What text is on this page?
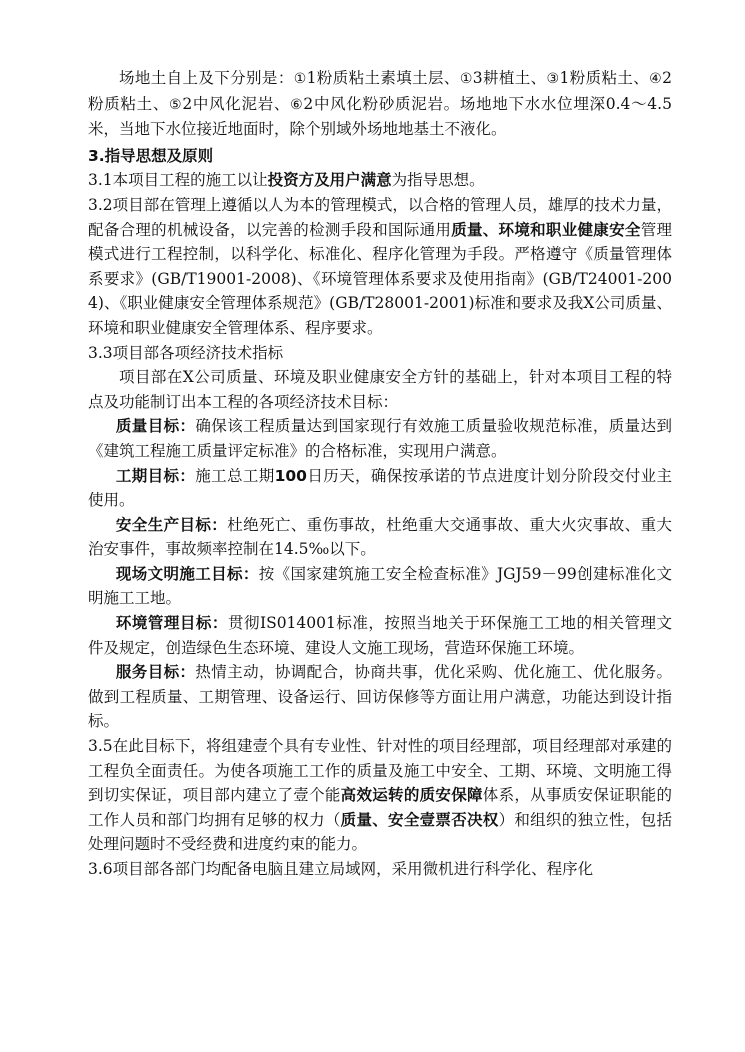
场地土自上及下分别是：①1粉质粘土素填土层、①3耕植土、③1粉质粘土、④2粉质粘土、⑤2中风化泥岩、⑥2中风化粉砂质泥岩。场地地下水水位埋深0.4～4.5米，当地下水位接近地面时，除个别域外场地地基土不液化。

3.指导思想及原则

3.1本项目工程的施工以让投资方及用户满意为指导思想。

3.2项目部在管理上遵循以人为本的管理模式，以合格的管理人员，雄厚的技术力量，配备合理的机械设备，以完善的检测手段和国际通用质量、环境和职业健康安全管理模式进行工程控制，以科学化、标准化、程序化管理为手段。严格遵守《质量管理体系要求》(GB/T19001-2008)、《环境管理体系要求及使用指南》(GB/T24001-2004)、《职业健康安全管理体系规范》(GB/T28001-2001)标准和要求及我X公司质量、环境和职业健康安全管理体系、程序要求。

3.3项目部各项经济技术指标

项目部在X公司质量、环境及职业健康安全方针的基础上，针对本项目工程的特点及功能制订出本工程的各项经济技术目标：

质量目标：确保该工程质量达到国家现行有效施工质量验收规范标准，质量达到《建筑工程施工质量评定标准》的合格标准，实现用户满意。

工期目标：施工总工期100日历天，确保按承诺的节点进度计划分阶段交付业主使用。

安全生产目标：杜绝死亡、重伤事故，杜绝重大交通事故、重大火灾事故、重大治安事件，事故频率控制在14.5‰以下。

现场文明施工目标：按《国家建筑施工安全检查标准》JGJ59－99创建标准化文明施工工地。

环境管理目标：贯彻IS014001标准，按照当地关于环保施工工地的相关管理文件及规定，创造绿色生态环境、建设人文施工现场，营造环保施工环境。

服务目标：热情主动，协调配合，协商共事，优化采购、优化施工、优化服务。做到工程质量、工期管理、设备运行、回访保修等方面让用户满意，功能达到设计指标。

3.5在此目标下，将组建壹个具有专业性、针对性的项目经理部，项目经理部对承建的工程负全面责任。为使各项施工工作的质量及施工中安全、工期、环境、文明施工得到切实保证，项目部内建立了壹个能高效运转的质安保障体系，从事质安保证职能的工作人员和部门均拥有足够的权力（质量、安全壹票否决权）和组织的独立性，包括处理问题时不受经费和进度约束的能力。

3.6项目部各部门均配备电脑且建立局域网，采用微机进行科学化、程序化
